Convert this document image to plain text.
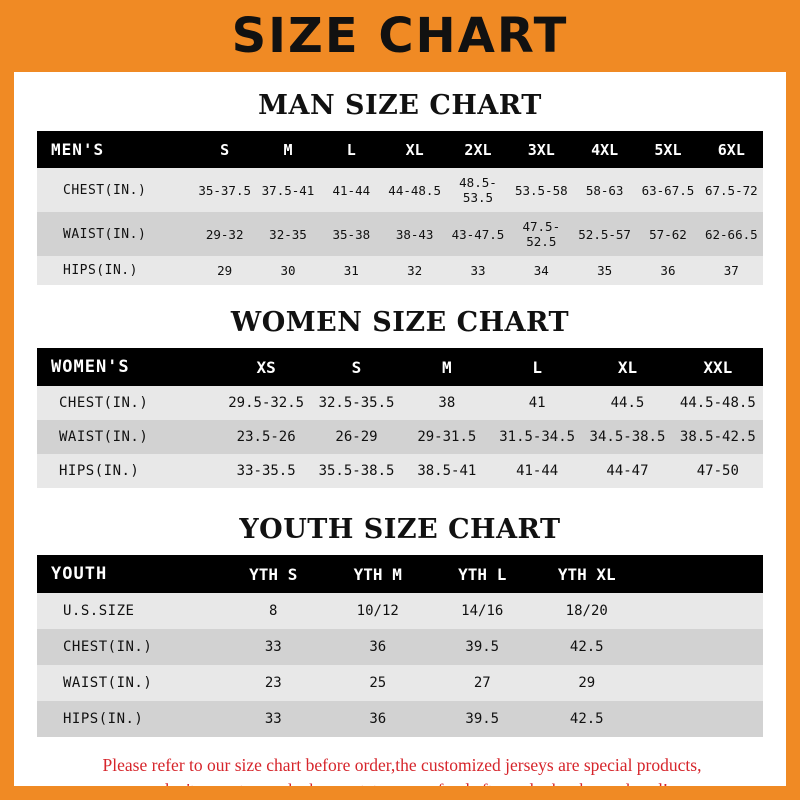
SIZE CHART
MAN SIZE CHART
MEN'S	S	M	L	XL	2XL	3XL	4XL	5XL	6XL
CHEST(IN.)	35-37.5	37.5-41	41-44	44-48.5	48.5-53.5	53.5-58	58-63	63-67.5	67.5-72
WAIST(IN.)	29-32	32-35	35-38	38-43	43-47.5	47.5-52.5	52.5-57	57-62	62-66.5
HIPS(IN.)	29	30	31	32	33	34	35	36	37
WOMEN SIZE CHART
WOMEN'S	XS	S	M	L	XL	XXL
CHEST(IN.)	29.5-32.5	32.5-35.5	38	41	44.5	44.5-48.5
WAIST(IN.)	23.5-26	26-29	29-31.5	31.5-34.5	34.5-38.5	38.5-42.5
HIPS(IN.)	33-35.5	35.5-38.5	38.5-41	41-44	44-47	47-50
YOUTH SIZE CHART
YOUTH	YTH S	YTH M	YTH L	YTH XL	
U.S.SIZE	8	10/12	14/16	18/20	
CHEST(IN.)	33	36	39.5	42.5	
WAIST(IN.)	23	25	27	29	
HIPS(IN.)	33	36	39.5	42.5	
Please refer to our size chart before order,the customized jerseys are special products,
